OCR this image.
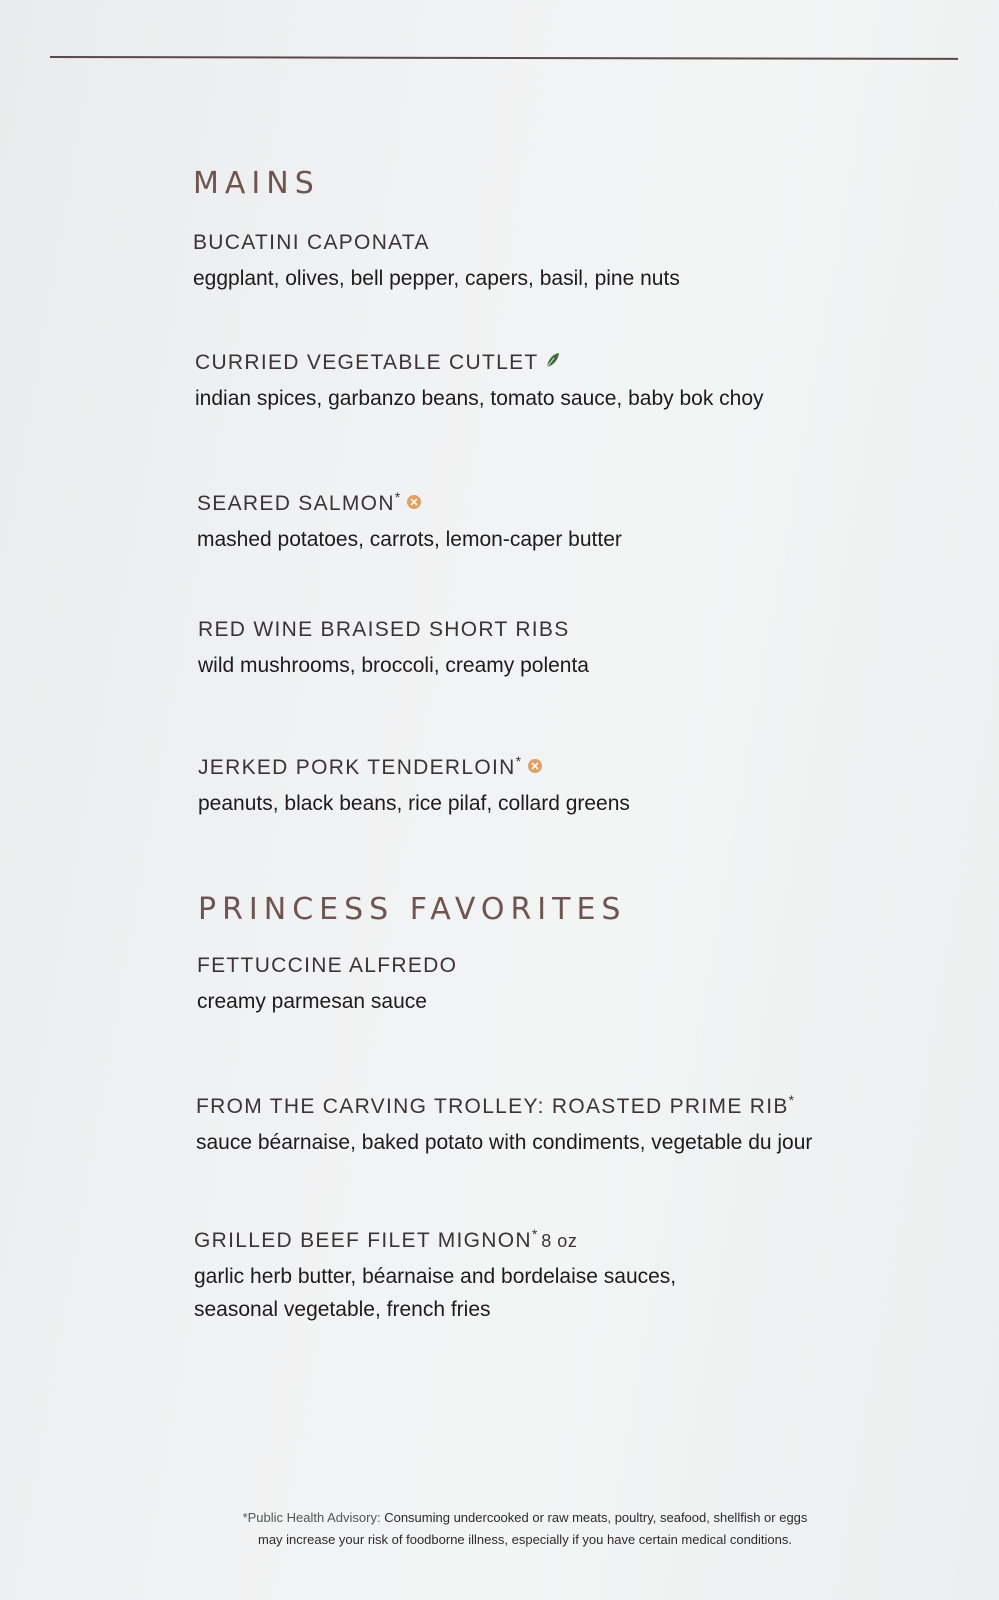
MAINS
BUCATINI CAPONATA
eggplant, olives, bell pepper, capers, basil, pine nuts
CURRIED VEGETABLE CUTLET
indian spices, garbanzo beans, tomato sauce, baby bok choy
SEARED SALMON*
mashed potatoes, carrots, lemon-caper butter
RED WINE BRAISED SHORT RIBS
wild mushrooms, broccoli, creamy polenta
JERKED PORK TENDERLOIN*
peanuts, black beans, rice pilaf, collard greens
PRINCESS FAVORITES
FETTUCCINE ALFREDO
creamy parmesan sauce
FROM THE CARVING TROLLEY: ROASTED PRIME RIB*
sauce béarnaise, baked potato with condiments, vegetable du jour
GRILLED BEEF FILET MIGNON* 8 oz
garlic herb butter, béarnaise and bordelaise sauces,
seasonal vegetable, french fries
*Public Health Advisory: Consuming undercooked or raw meats, poultry, seafood, shellfish or eggs
may increase your risk of foodborne illness, especially if you have certain medical conditions.
